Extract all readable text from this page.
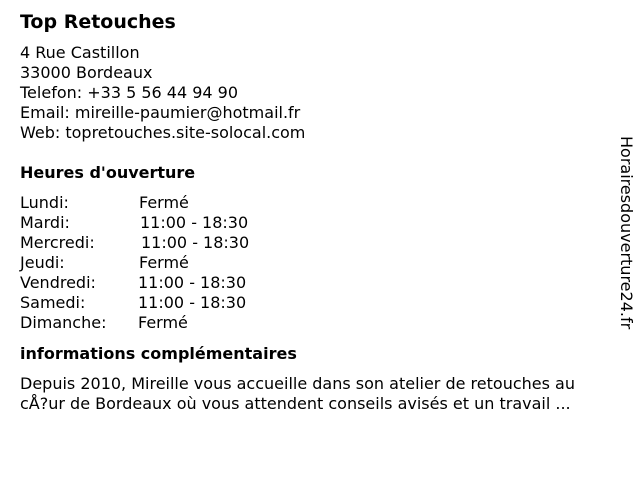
Top Retouches
4 Rue Castillon
33000 Bordeaux
Telefon: +33 5 56 44 94 90
Email: mireille-paumier@hotmail.fr
Web: topretouches.site-solocal.com
Heures d'ouverture
Lundi:	Fermé
Mardi:	11:00 - 18:30
Mercredi:	11:00 - 18:30
Jeudi:	Fermé
Vendredi:	11:00 - 18:30
Samedi:	11:00 - 18:30
Dimanche:	Fermé
informations complémentaires
Depuis 2010, Mireille vous accueille dans son atelier de retouches au
cÅ?ur de Bordeaux où vous attendent conseils avisés et un travail ...
Horairesdouverture24.fr
